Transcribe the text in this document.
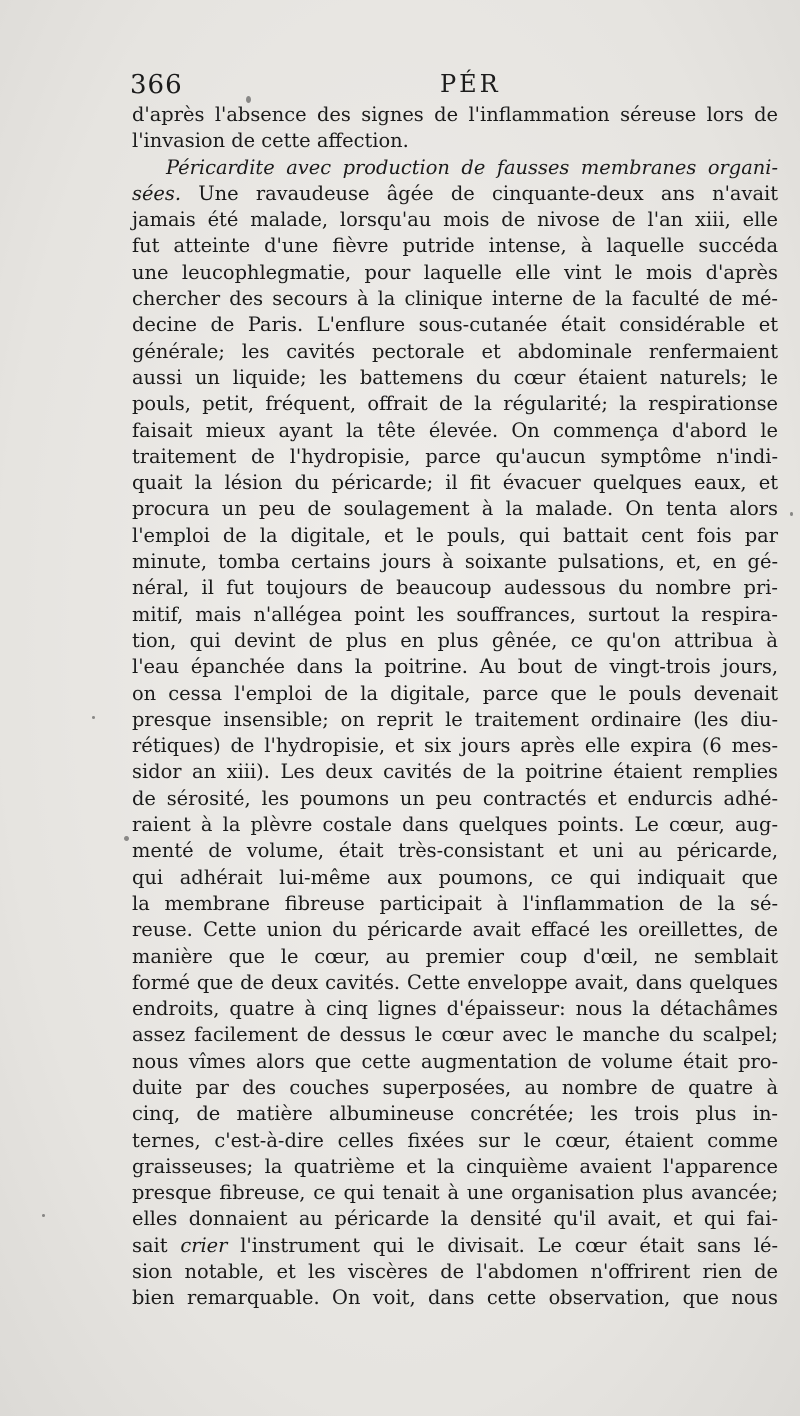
366	PÉR
d'après l'absence des signes de l'inflammation séreuse lors de
l'invasion de cette affection.
Péricardite avec production de fausses membranes organi-
sées. Une ravaudeuse âgée de cinquante-deux ans n'avait
jamais été malade, lorsqu'au mois de nivose de l'an xiii, elle
fut atteinte d'une fièvre putride intense, à laquelle succéda
une leucophlegmatie, pour laquelle elle vint le mois d'après
chercher des secours à la clinique interne de la faculté de mé-
decine de Paris. L'enflure sous-cutanée était considérable et
générale; les cavités pectorale et abdominale renfermaient
aussi un liquide; les battemens du cœur étaient naturels; le
pouls, petit, fréquent, offrait de la régularité; la respirationse
faisait mieux ayant la tête élevée. On commença d'abord le
traitement de l'hydropisie, parce qu'aucun symptôme n'indi-
quait la lésion du péricarde; il fit évacuer quelques eaux, et
procura un peu de soulagement à la malade. On tenta alors
l'emploi de la digitale, et le pouls, qui battait cent fois par
minute, tomba certains jours à soixante pulsations, et, en gé-
néral, il fut toujours de beaucoup audessous du nombre pri-
mitif, mais n'allégea point les souffrances, surtout la respira-
tion, qui devint de plus en plus gênée, ce qu'on attribua à
l'eau épanchée dans la poitrine. Au bout de vingt-trois jours,
on cessa l'emploi de la digitale, parce que le pouls devenait
presque insensible; on reprit le traitement ordinaire (les diu-
rétiques) de l'hydropisie, et six jours après elle expira (6 mes-
sidor an xiii). Les deux cavités de la poitrine étaient remplies
de sérosité, les poumons un peu contractés et endurcis adhé-
raient à la plèvre costale dans quelques points. Le cœur, aug-
menté de volume, était très-consistant et uni au péricarde,
qui adhérait lui-même aux poumons, ce qui indiquait que
la membrane fibreuse participait à l'inflammation de la sé-
reuse. Cette union du péricarde avait effacé les oreillettes, de
manière que le cœur, au premier coup d'œil, ne semblait
formé que de deux cavités. Cette enveloppe avait, dans quelques
endroits, quatre à cinq lignes d'épaisseur: nous la détachâmes
assez facilement de dessus le cœur avec le manche du scalpel;
nous vîmes alors que cette augmentation de volume était pro-
duite par des couches superposées, au nombre de quatre à
cinq, de matière albumineuse concrétée; les trois plus in-
ternes, c'est-à-dire celles fixées sur le cœur, étaient comme
graisseuses; la quatrième et la cinquième avaient l'apparence
presque fibreuse, ce qui tenait à une organisation plus avancée;
elles donnaient au péricarde la densité qu'il avait, et qui fai-
sait crier l'instrument qui le divisait. Le cœur était sans lé-
sion notable, et les viscères de l'abdomen n'offrirent rien de
bien remarquable. On voit, dans cette observation, que nous
